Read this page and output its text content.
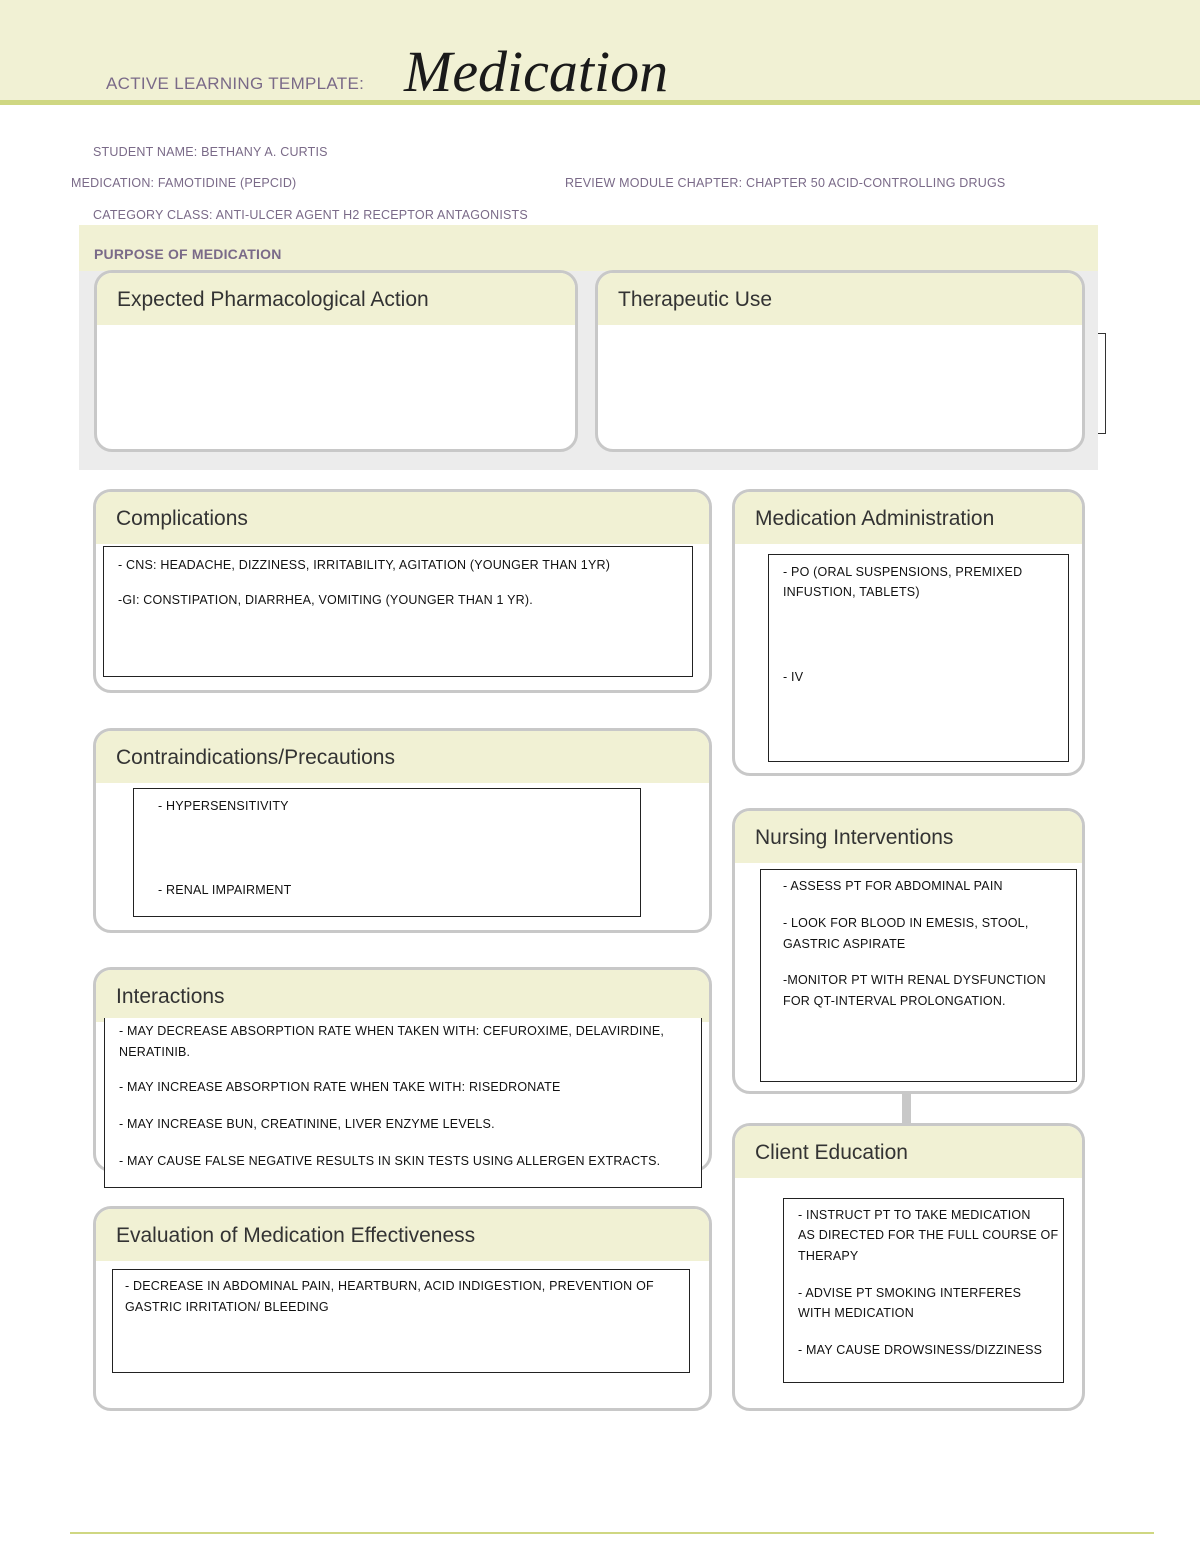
ACTIVE LEARNING TEMPLATE: Medication
STUDENT NAME: BETHANY A. CURTIS
MEDICATION: FAMOTIDINE (PEPCID)	REVIEW MODULE CHAPTER: CHAPTER 50 ACID-CONTROLLING DRUGS
CATEGORY CLASS: ANTI-ULCER AGENT H2 RECEPTOR ANTAGONISTS
PURPOSE OF MEDICATION
Expected Pharmacological Action	Therapeutic Use
Complications
- CNS: HEADACHE, DIZZINESS, IRRITABILITY, AGITATION (YOUNGER THAN 1YR)
-GI: CONSTIPATION, DIARRHEA, VOMITING (YOUNGER THAN 1 YR).
Medication Administration
- PO (ORAL SUSPENSIONS, PREMIXED
INFUSTION, TABLETS)
- IV
Contraindications/Precautions
- HYPERSENSITIVITY
- RENAL IMPAIRMENT
Nursing Interventions
- ASSESS PT FOR ABDOMINAL PAIN
- LOOK FOR BLOOD IN EMESIS, STOOL,
GASTRIC ASPIRATE
-MONITOR PT WITH RENAL DYSFUNCTION
FOR QT-INTERVAL PROLONGATION.
Interactions
- MAY DECREASE ABSORPTION RATE WHEN TAKEN WITH: CEFUROXIME, DELAVIRDINE,
NERATINIB.
- MAY INCREASE ABSORPTION RATE WHEN TAKE WITH: RISEDRONATE
- MAY INCREASE BUN, CREATININE, LIVER ENZYME LEVELS.
- MAY CAUSE FALSE NEGATIVE RESULTS IN SKIN TESTS USING ALLERGEN EXTRACTS.	Client Education
- INSTRUCT PT TO TAKE MEDICATION
AS DIRECTED FOR THE FULL COURSE OF
THERAPY
- ADVISE PT SMOKING INTERFERES
WITH MEDICATION
- MAY CAUSE DROWSINESS/DIZZINESS
Evaluation of Medication Effectiveness
- DECREASE IN ABDOMINAL PAIN, HEARTBURN, ACID INDIGESTION, PREVENTION OF
GASTRIC IRRITATION/ BLEEDING
